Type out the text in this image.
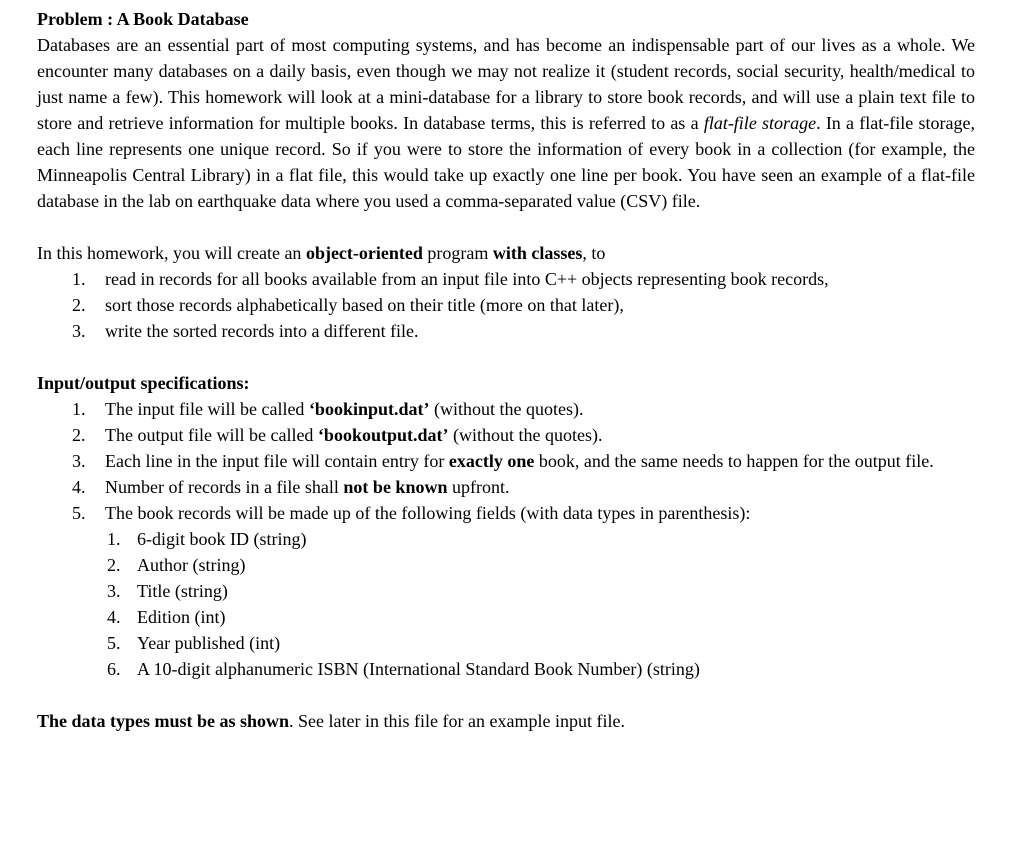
Problem : A Book Database

Databases are an essential part of most computing systems, and has become an indispensable part of our lives as a whole. We encounter many databases on a daily basis, even though we may not realize it (student records, social security, health/medical to just name a few). This homework will look at a mini-database for a library to store book records, and will use a plain text file to store and retrieve information for multiple books. In database terms, this is referred to as a flat-file storage. In a flat-file storage, each line represents one unique record. So if you were to store the information of every book in a collection (for example, the Minneapolis Central Library) in a flat file, this would take up exactly one line per book. You have seen an example of a flat-file database in the lab on earthquake data where you used a comma-separated value (CSV) file.

In this homework, you will create an object-oriented program with classes, to

1.	read in records for all books available from an input file into C++ objects representing book records,
2.	sort those records alphabetically based on their title (more on that later),
3.	write the sorted records into a different file.
Input/output specifications:
1.	The input file will be called ‘bookinput.dat’ (without the quotes).
2.	The output file will be called ‘bookoutput.dat’ (without the quotes).
3.	Each line in the input file will contain entry for exactly one book, and the same needs to happen for the output file.
4.	Number of records in a file shall not be known upfront.
5.	The book records will be made up of the following fields (with data types in parenthesis):
1. 6-digit book ID (string)
2. Author (string)
3. Title (string)
4. Edition (int)
5. Year published (int)
6. A 10-digit alphanumeric ISBN (International Standard Book Number) (string)

The data types must be as shown. See later in this file for an example input file.
